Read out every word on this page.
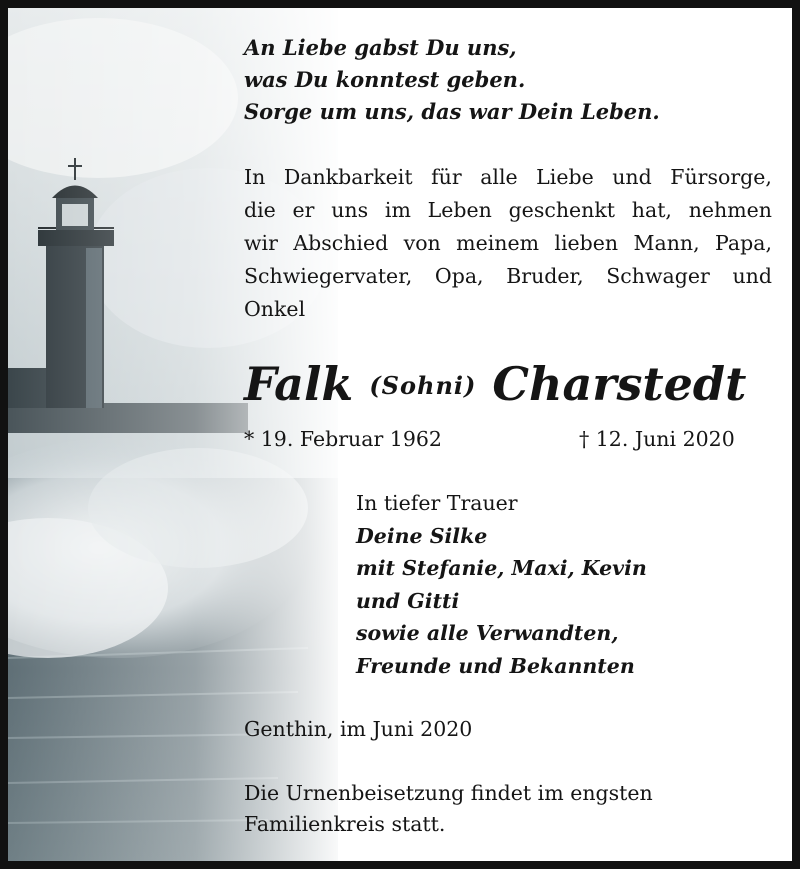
An Liebe gabst Du uns,
was Du konntest geben.
Sorge um uns, das war Dein Leben.
In Dankbarkeit für alle Liebe und Fürsorge,
die er uns im Leben geschenkt hat, nehmen
wir Abschied von meinem lieben Mann, Papa,
Schwiegervater, Opa, Bruder, Schwager und
Onkel
Falk (Sohni) Charstedt
* 19. Februar 1962	† 12. Juni 2020
In tiefer Trauer
Deine Silke
mit Stefanie, Maxi, Kevin
und Gitti
sowie alle Verwandten,
Freunde und Bekannten
Genthin, im Juni 2020
Die Urnenbeisetzung findet im engsten
Familienkreis statt.
